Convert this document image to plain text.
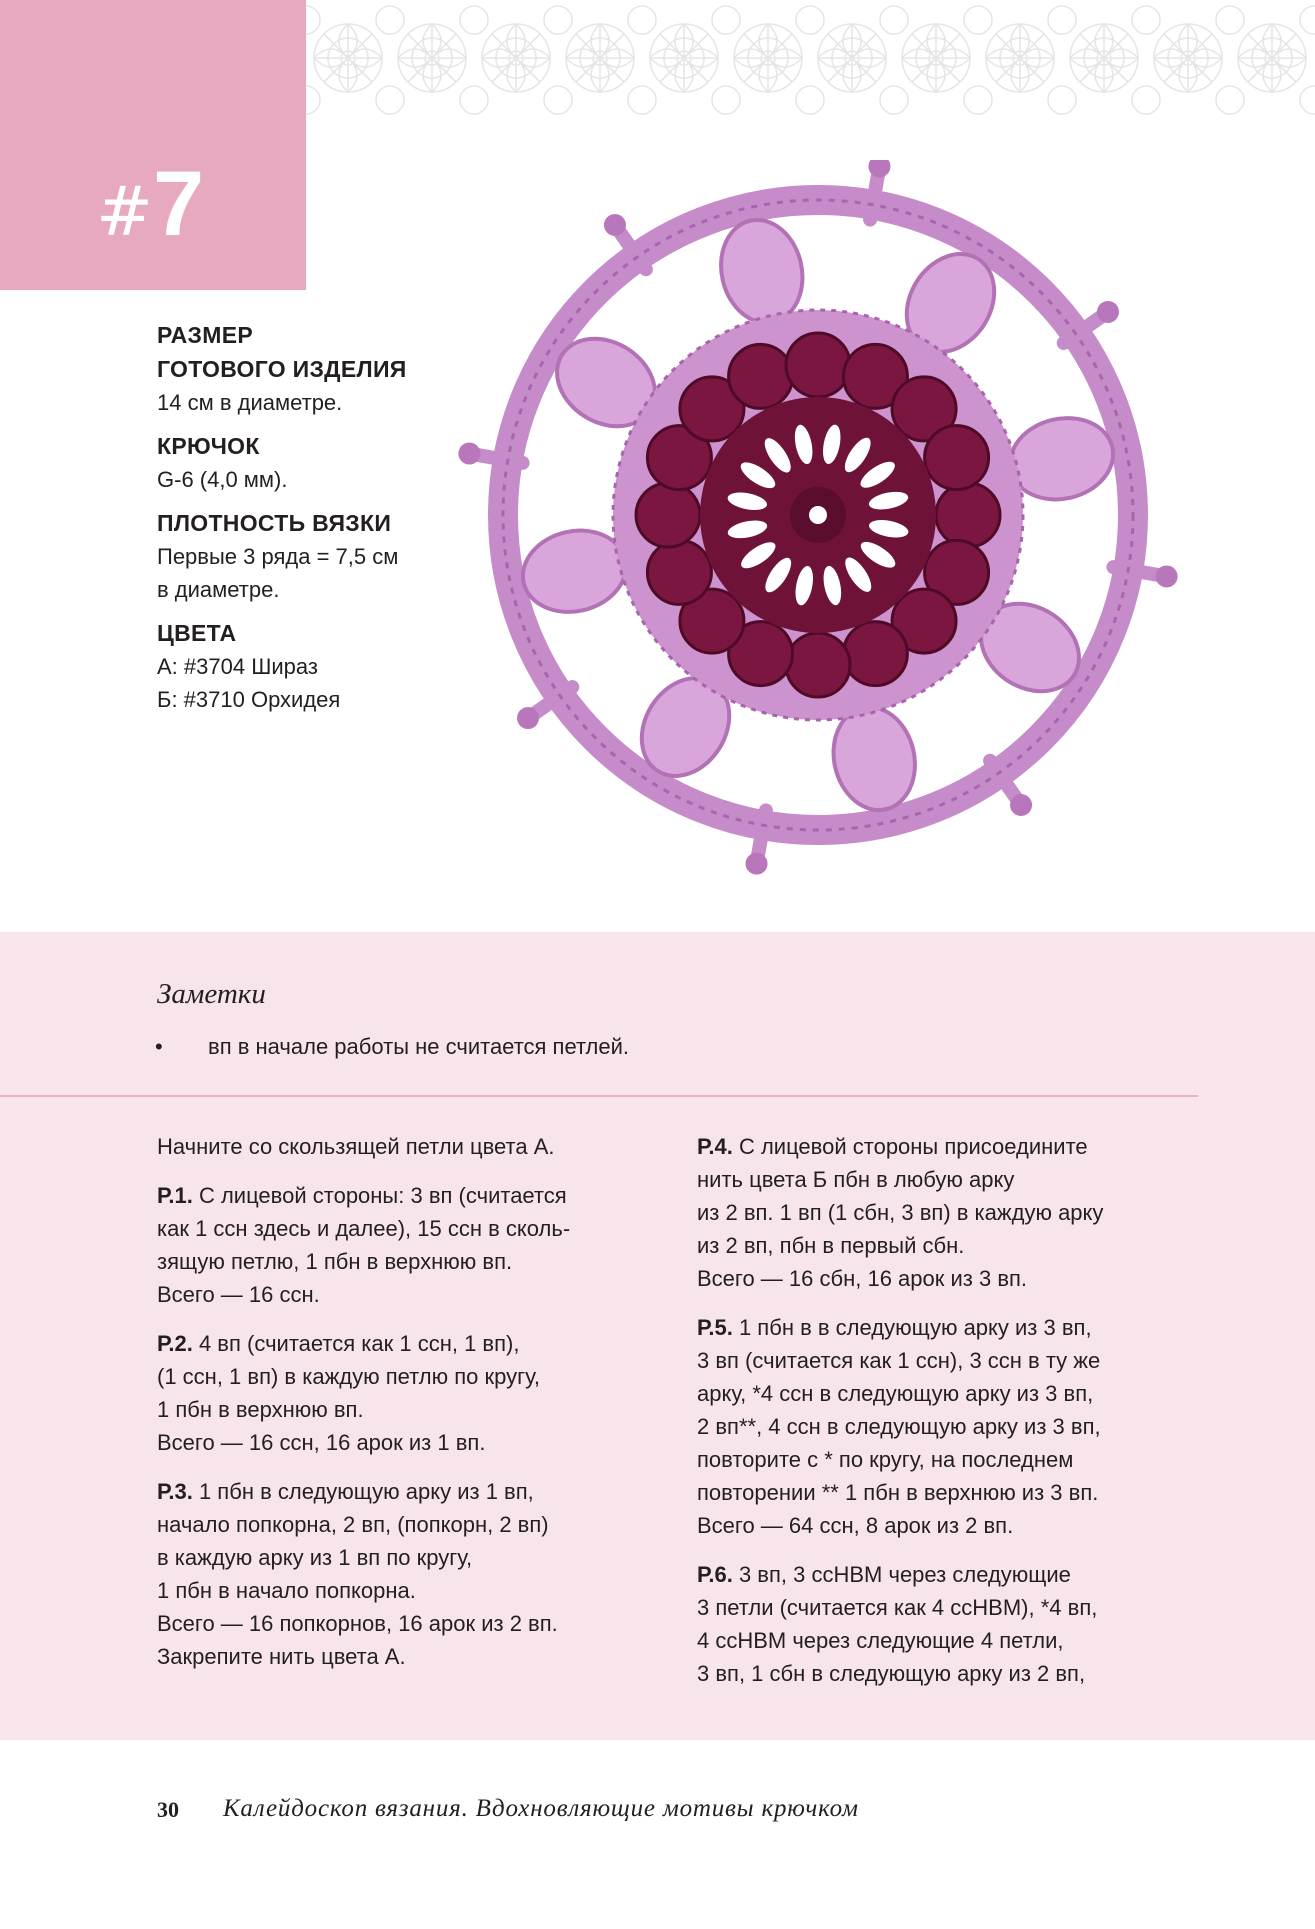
#7

РАЗМЕР
ГОТОВОГО ИЗДЕЛИЯ

14 см в диаметре.

КРЮЧОК

G-6 (4,0 мм).

ПЛОТНОСТЬ ВЯЗКИ

Первые 3 ряда = 7,5 см
в диаметре.

ЦВЕТА

А: #3704 Шираз
Б: #3710 Орхидея

Заметки
• вп в начале работы не считается петлей.

Начните со скользящей петли цвета А.

Р.1. С лицевой стороны: 3 вп (считается
как 1 ссн здесь и далее), 15 ссн в сколь-
зящую петлю, 1 пбн в верхнюю вп.
Всего — 16 ссн.

Р.2. 4 вп (считается как 1 ссн, 1 вп),
(1 ссн, 1 вп) в каждую петлю по кругу,
1 пбн в верхнюю вп.
Всего — 16 ссн, 16 арок из 1 вп.

Р.3. 1 пбн в следующую арку из 1 вп,
начало попкорна, 2 вп, (попкорн, 2 вп)
в каждую арку из 1 вп по кругу,
1 пбн в начало попкорна.
Всего — 16 попкорнов, 16 арок из 2 вп.
Закрепите нить цвета А.

Р.4. С лицевой стороны присоедините
нить цвета Б пбн в любую арку
из 2 вп. 1 вп (1 сбн, 3 вп) в каждую арку
из 2 вп, пбн в первый сбн.
Всего — 16 сбн, 16 арок из 3 вп.

Р.5. 1 пбн в в следующую арку из 3 вп,
3 вп (считается как 1 ссн), 3 ссн в ту же
арку, *4 ссн в следующую арку из 3 вп,
2 вп**, 4 ссн в следующую арку из 3 вп,
повторите с * по кругу, на последнем
повторении ** 1 пбн в верхнюю из 3 вп.
Всего — 64 ссн, 8 арок из 2 вп.

Р.6. 3 вп, 3 ссНВМ через следующие
3 петли (считается как 4 ссНВМ), *4 вп,
4 ссНВМ через следующие 4 петли,
3 вп, 1 сбн в следующую арку из 2 вп,

30 Калейдоскоп вязания. Вдохновляющие мотивы крючком
